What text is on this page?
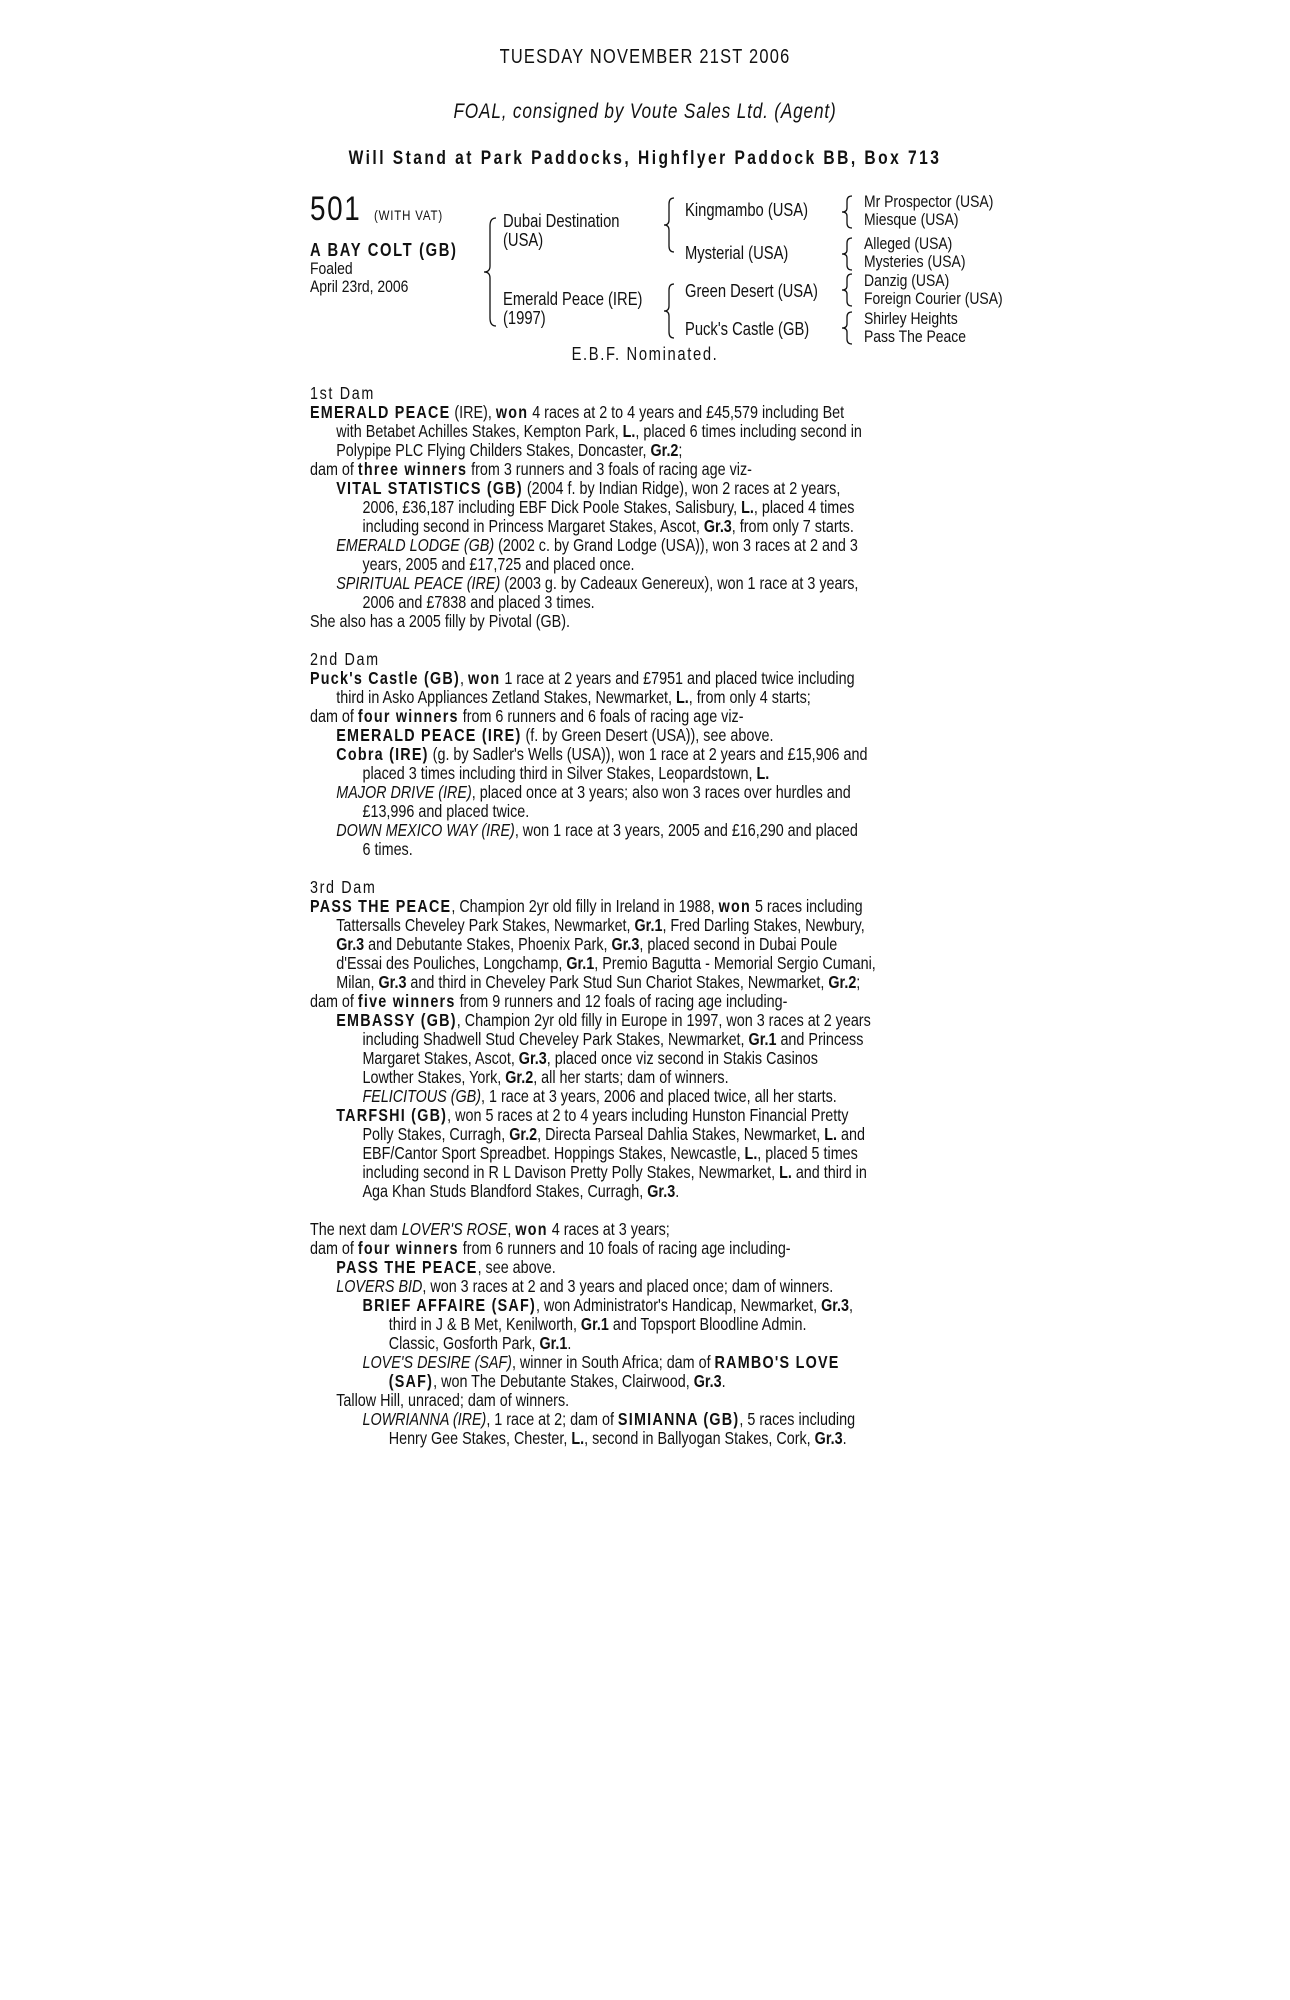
TUESDAY NOVEMBER 21ST 2006
FOAL, consigned by Voute Sales Ltd. (Agent)
Will Stand at Park Paddocks, Highflyer Paddock BB, Box 713
501 (WITH VAT)
A BAY COLT (GB)
Foaled
April 23rd, 2006
Dubai Destination
(USA)
Emerald Peace (IRE)
(1997)
Kingmambo (USA)
Mysterial (USA)
Green Desert (USA)
Puck's Castle (GB)
Mr Prospector (USA)
Miesque (USA)
Alleged (USA)
Mysteries (USA)
Danzig (USA)
Foreign Courier (USA)
Shirley Heights
Pass The Peace
E.B.F. Nominated.
1st Dam
EMERALD PEACE (IRE), won 4 races at 2 to 4 years and £45,579 including Bet
with Betabet Achilles Stakes, Kempton Park, L., placed 6 times including second in
Polypipe PLC Flying Childers Stakes, Doncaster, Gr.2;
dam of three winners from 3 runners and 3 foals of racing age viz-
VITAL STATISTICS (GB) (2004 f. by Indian Ridge), won 2 races at 2 years,
2006, £36,187 including EBF Dick Poole Stakes, Salisbury, L., placed 4 times
including second in Princess Margaret Stakes, Ascot, Gr.3, from only 7 starts.
EMERALD LODGE (GB) (2002 c. by Grand Lodge (USA)), won 3 races at 2 and 3
years, 2005 and £17,725 and placed once.
SPIRITUAL PEACE (IRE) (2003 g. by Cadeaux Genereux), won 1 race at 3 years,
2006 and £7838 and placed 3 times.
She also has a 2005 filly by Pivotal (GB).
2nd Dam
Puck's Castle (GB), won 1 race at 2 years and £7951 and placed twice including
third in Asko Appliances Zetland Stakes, Newmarket, L., from only 4 starts;
dam of four winners from 6 runners and 6 foals of racing age viz-
EMERALD PEACE (IRE) (f. by Green Desert (USA)), see above.
Cobra (IRE) (g. by Sadler's Wells (USA)), won 1 race at 2 years and £15,906 and
placed 3 times including third in Silver Stakes, Leopardstown, L.
MAJOR DRIVE (IRE), placed once at 3 years; also won 3 races over hurdles and
£13,996 and placed twice.
DOWN MEXICO WAY (IRE), won 1 race at 3 years, 2005 and £16,290 and placed
6 times.
3rd Dam
PASS THE PEACE, Champion 2yr old filly in Ireland in 1988, won 5 races including
Tattersalls Cheveley Park Stakes, Newmarket, Gr.1, Fred Darling Stakes, Newbury,
Gr.3 and Debutante Stakes, Phoenix Park, Gr.3, placed second in Dubai Poule
d'Essai des Pouliches, Longchamp, Gr.1, Premio Bagutta - Memorial Sergio Cumani,
Milan, Gr.3 and third in Cheveley Park Stud Sun Chariot Stakes, Newmarket, Gr.2;
dam of five winners from 9 runners and 12 foals of racing age including-
EMBASSY (GB), Champion 2yr old filly in Europe in 1997, won 3 races at 2 years
including Shadwell Stud Cheveley Park Stakes, Newmarket, Gr.1 and Princess
Margaret Stakes, Ascot, Gr.3, placed once viz second in Stakis Casinos
Lowther Stakes, York, Gr.2, all her starts; dam of winners.
FELICITOUS (GB), 1 race at 3 years, 2006 and placed twice, all her starts.
TARFSHI (GB), won 5 races at 2 to 4 years including Hunston Financial Pretty
Polly Stakes, Curragh, Gr.2, Directa Parseal Dahlia Stakes, Newmarket, L. and
EBF/Cantor Sport Spreadbet. Hoppings Stakes, Newcastle, L., placed 5 times
including second in R L Davison Pretty Polly Stakes, Newmarket, L. and third in
Aga Khan Studs Blandford Stakes, Curragh, Gr.3.
The next dam LOVER'S ROSE, won 4 races at 3 years;
dam of four winners from 6 runners and 10 foals of racing age including-
PASS THE PEACE, see above.
LOVERS BID, won 3 races at 2 and 3 years and placed once; dam of winners.
BRIEF AFFAIRE (SAF), won Administrator's Handicap, Newmarket, Gr.3,
third in J & B Met, Kenilworth, Gr.1 and Topsport Bloodline Admin.
Classic, Gosforth Park, Gr.1.
LOVE'S DESIRE (SAF), winner in South Africa; dam of RAMBO'S LOVE
(SAF), won The Debutante Stakes, Clairwood, Gr.3.
Tallow Hill, unraced; dam of winners.
LOWRIANNA (IRE), 1 race at 2; dam of SIMIANNA (GB), 5 races including
Henry Gee Stakes, Chester, L., second in Ballyogan Stakes, Cork, Gr.3.
